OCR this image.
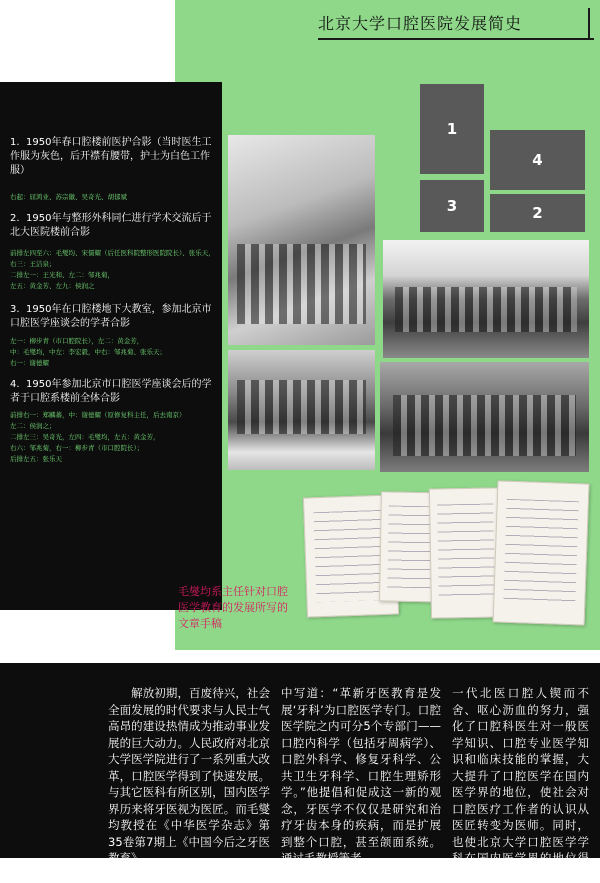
北京大学口腔医院发展简史
1. 1950年春口腔楼前医护合影（当时医生工作服为灰色，后开襟有腰带，护士为白色工作服）
右起：屈鸿业、苏宗徽、吴奇光、胡郁斌
2. 1950年与整形外科同仁进行学术交流后于北大医院楼前合影
前排左四至六：毛燮均、宋儒耀（后任医科院整形医院院长）、张乐天，
右三：王洁泉；
二排左一：王光和、左二：邹兆菊，
左五：黄金芳、左九：侯润之
3. 1950年在口腔楼地下大教室，参加北京市口腔医学座谈会的学者合影
左一：柳步青（市口腔院长），左二：黄金芳，
中：毛燮均，中左：李宏毅，中右：邹兆菊、张乐天；
右一：谢德耀
4. 1950年参加北京市口腔医学座谈会后的学者于口腔系楼前全体合影
前排右一：郑麟蕃，中：谢德耀（原修复科主任，后去南京）
左二：侯润之；
二排左三：吴奇光，左四：毛燮均，左五：黄金芳，
右六：邹兆菊，右一：柳步青（市口腔院长）；
后排左五：张乐天
1
4
3	2
毛燮均系主任针对口腔医学教育的发展所写的文章手稿
　　解放初期，百废待兴，社会全面发展的时代要求与人民士气高昂的建设热情成为推动事业发展的巨大动力。人民政府对北京大学医学院进行了一系列重大改革，口腔医学得到了快速发展。与其它医科有所区别，国内医学界历来将牙医视为医匠。而毛燮均教授在《中华医学杂志》第35卷第7期上《中国今后之牙医教育》
中写道：“革新牙医教育是发展‘牙科’为口腔医学专门。口腔医学院之内可分5个专部门——口腔内科学（包括牙周病学）、口腔外科学、修复牙科学、公共卫生牙科学、口腔生理矫形学。”他提倡和促成这一新的观念，牙医学不仅仅是研究和治疗牙齿本身的疾病，而是扩展到整个口腔，甚至颌面系统。通过毛教授等老
一代北医口腔人锲而不舍、呕心沥血的努力，强化了口腔科医生对一般医学知识、口腔专业医学知识和临床技能的掌握，大大提升了口腔医学在国内医学界的地位，使社会对口腔医疗工作者的认识从医匠转变为医师。同时，也使北京大学口腔医学学科在国内医学界的地位得到了提升。
